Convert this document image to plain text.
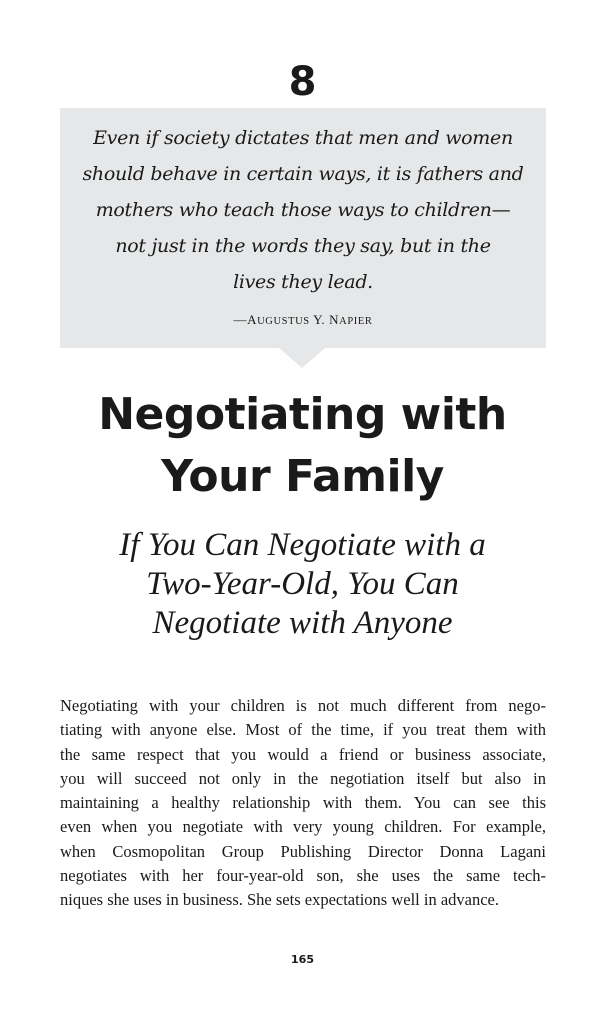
8
Even if society dictates that men and women
should behave in certain ways, it is fathers and
mothers who teach those ways to children—
not just in the words they say, but in the
lives they lead.
—AUGUSTUS Y. NAPIER
Negotiating with
Your Family
If You Can Negotiate with a
Two-Year-Old, You Can
Negotiate with Anyone
Negotiating with your children is not much different from nego-
tiating with anyone else. Most of the time, if you treat them with
the same respect that you would a friend or business associate,
you will succeed not only in the negotiation itself but also in
maintaining a healthy relationship with them. You can see this
even when you negotiate with very young children. For example,
when Cosmopolitan Group Publishing Director Donna Lagani
negotiates with her four-year-old son, she uses the same tech-
niques she uses in business. She sets expectations well in advance.
165
